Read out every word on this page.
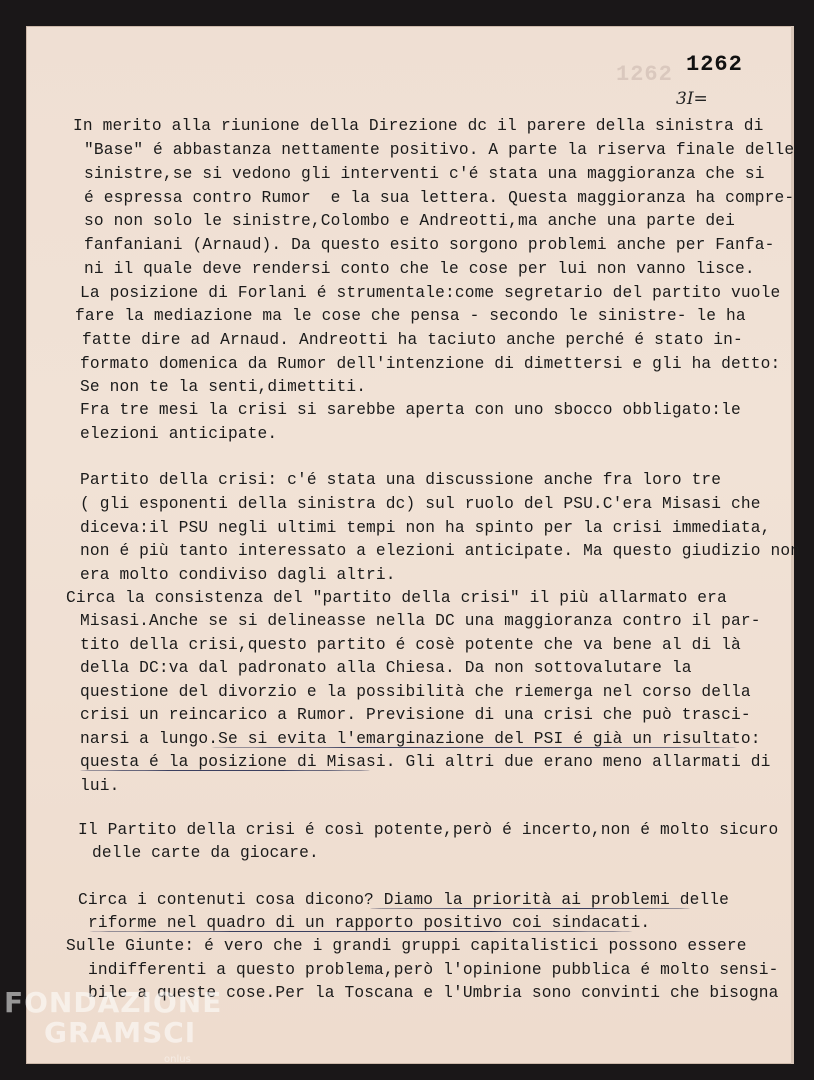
1262 1262
3I=
In merito alla riunione della Direzione dc il parere della sinistra di
"Base" é abbastanza nettamente positivo. A parte la riserva finale delle
sinistre,se si vedono gli interventi c'é stata una maggioranza che si
é espressa contro Rumor  e la sua lettera. Questa maggioranza ha compre-
so non solo le sinistre,Colombo e Andreotti,ma anche una parte dei
fanfaniani (Arnaud). Da questo esito sorgono problemi anche per Fanfa-
ni il quale deve rendersi conto che le cose per lui non vanno lisce.
La posizione di Forlani é strumentale:come segretario del partito vuole
fare la mediazione ma le cose che pensa - secondo le sinistre- le ha
fatte dire ad Arnaud. Andreotti ha taciuto anche perché é stato in-
formato domenica da Rumor dell'intenzione di dimettersi e gli ha detto:
Se non te la senti,dimettiti.
Fra tre mesi la crisi si sarebbe aperta con uno sbocco obbligato:le
elezioni anticipate.
Partito della crisi: c'é stata una discussione anche fra loro tre
( gli esponenti della sinistra dc) sul ruolo del PSU.C'era Misasi che
diceva:il PSU negli ultimi tempi non ha spinto per la crisi immediata,
non é più tanto interessato a elezioni anticipate. Ma questo giudizio non
era molto condiviso dagli altri.
Circa la consistenza del "partito della crisi" il più allarmato era
Misasi.Anche se si delineasse nella DC una maggioranza contro il par-
tito della crisi,questo partito é cosè potente che va bene al di là
della DC:va dal padronato alla Chiesa. Da non sottovalutare la
questione del divorzio e la possibilità che riemerga nel corso della
crisi un reincarico a Rumor. Previsione di una crisi che può trasci-
narsi a lungo.Se si evita l'emarginazione del PSI é già un risultato:
questa é la posizione di Misasi. Gli altri due erano meno allarmati di
lui.
Il Partito della crisi é così potente,però é incerto,non é molto sicuro
delle carte da giocare.
Circa i contenuti cosa dicono? Diamo la priorità ai problemi delle
riforme nel quadro di un rapporto positivo coi sindacati.
Sulle Giunte: é vero che i grandi gruppi capitalistici possono essere
indifferenti a questo problema,però l'opinione pubblica é molto sensi-
bile a queste cose.Per la Toscana e l'Umbria sono convinti che bisogna
FONDAZIONE
GRAMSCI
onlus
